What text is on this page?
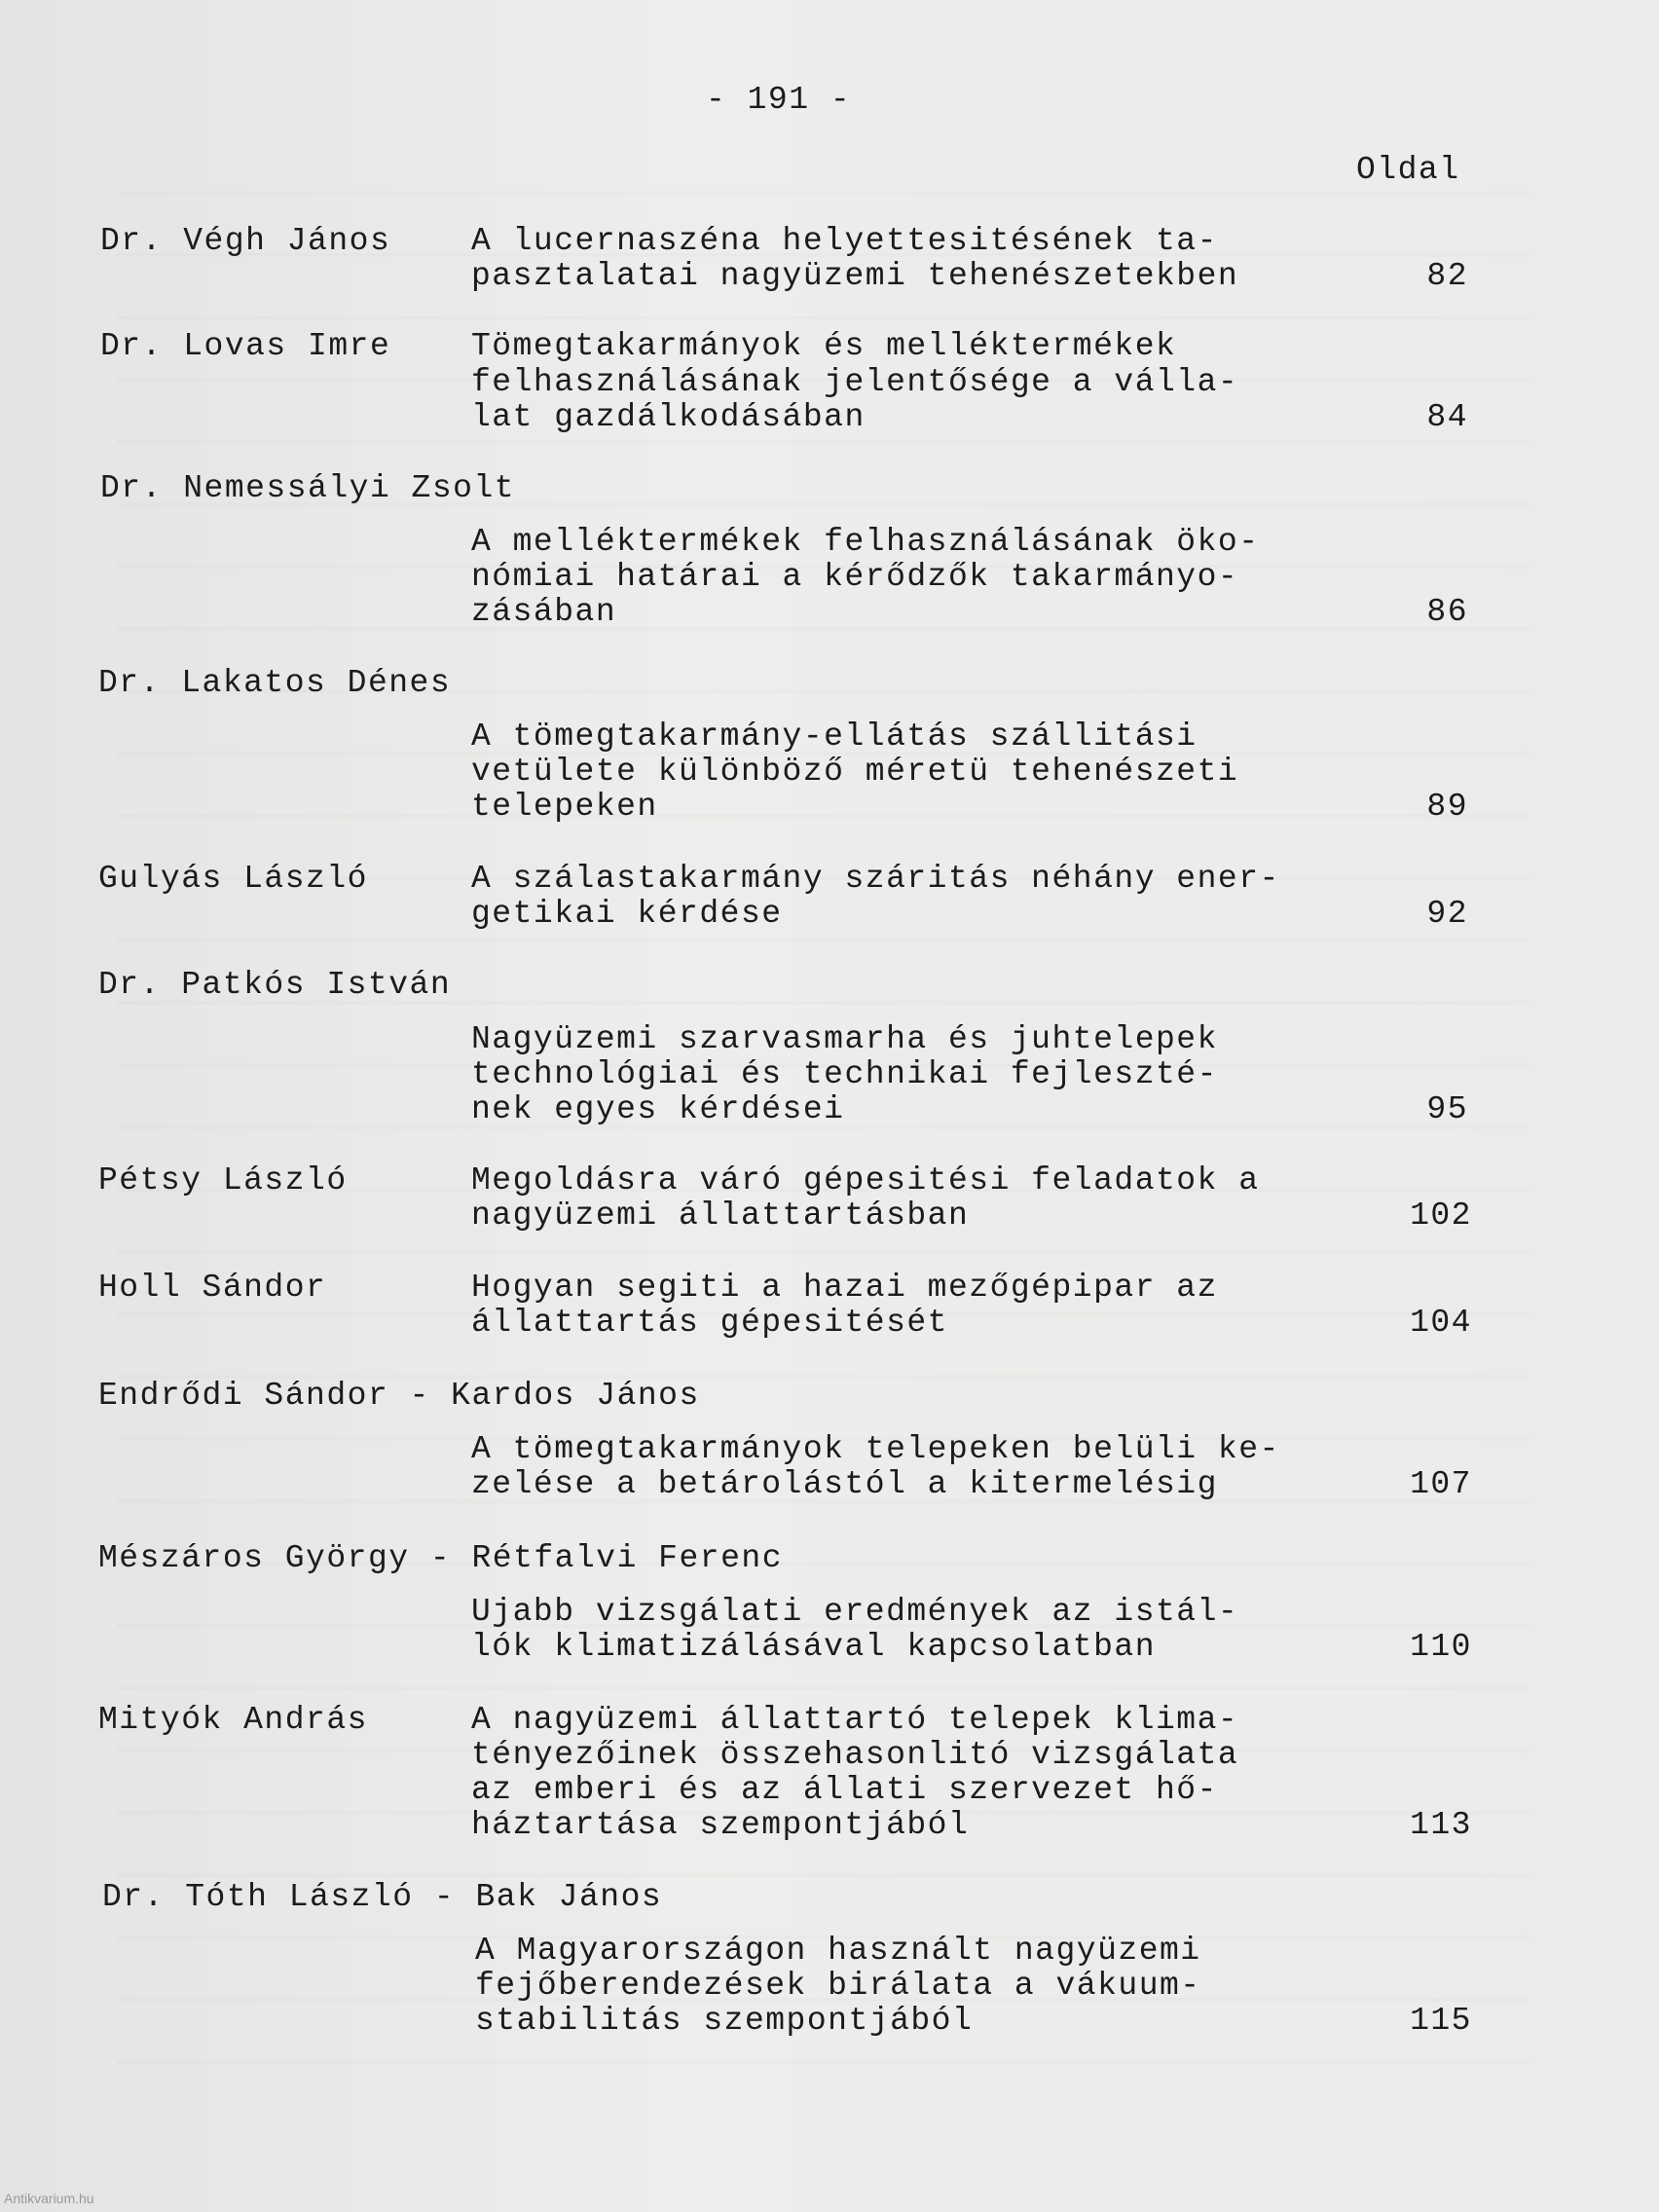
- 191 -
Oldal
Dr. Végh János	A lucernaszéna helyettesitésének ta-
pasztalatai nagyüzemi tehenészetekben	82
Dr. Lovas Imre	Tömegtakarmányok és melléktermékek
felhasználásának jelentősége a válla-
lat gazdálkodásában	84
Dr. Nemessályi Zsolt
A melléktermékek felhasználásának öko-
nómiai határai a kérődzők takarmányo-
zásában	86
Dr. Lakatos Dénes
A tömegtakarmány-ellátás szállitási
vetülete különböző méretü tehenészeti
telepeken	89
Gulyás László	A szálastakarmány száritás néhány ener-
getikai kérdése	92
Dr. Patkós István
Nagyüzemi szarvasmarha és juhtelepek
technológiai és technikai fejleszté-
nek egyes kérdései	95
Pétsy László	Megoldásra váró gépesitési feladatok a
nagyüzemi állattartásban	102
Holl Sándor	Hogyan segiti a hazai mezőgépipar az
állattartás gépesitését	104
Endrődi Sándor - Kardos János
A tömegtakarmányok telepeken belüli ke-
zelése a betárolástól a kitermelésig	107
Mészáros György - Rétfalvi Ferenc
Ujabb vizsgálati eredmények az istál-
lók klimatizálásával kapcsolatban	110
Mityók András	A nagyüzemi állattartó telepek klima-
tényezőinek összehasonlitó vizsgálata
az emberi és az állati szervezet hő-
háztartása szempontjából	113
Dr. Tóth László - Bak János
A Magyarországon használt nagyüzemi
fejőberendezések birálata a vákuum-
stabilitás szempontjából	115
Antikvarium.hu
